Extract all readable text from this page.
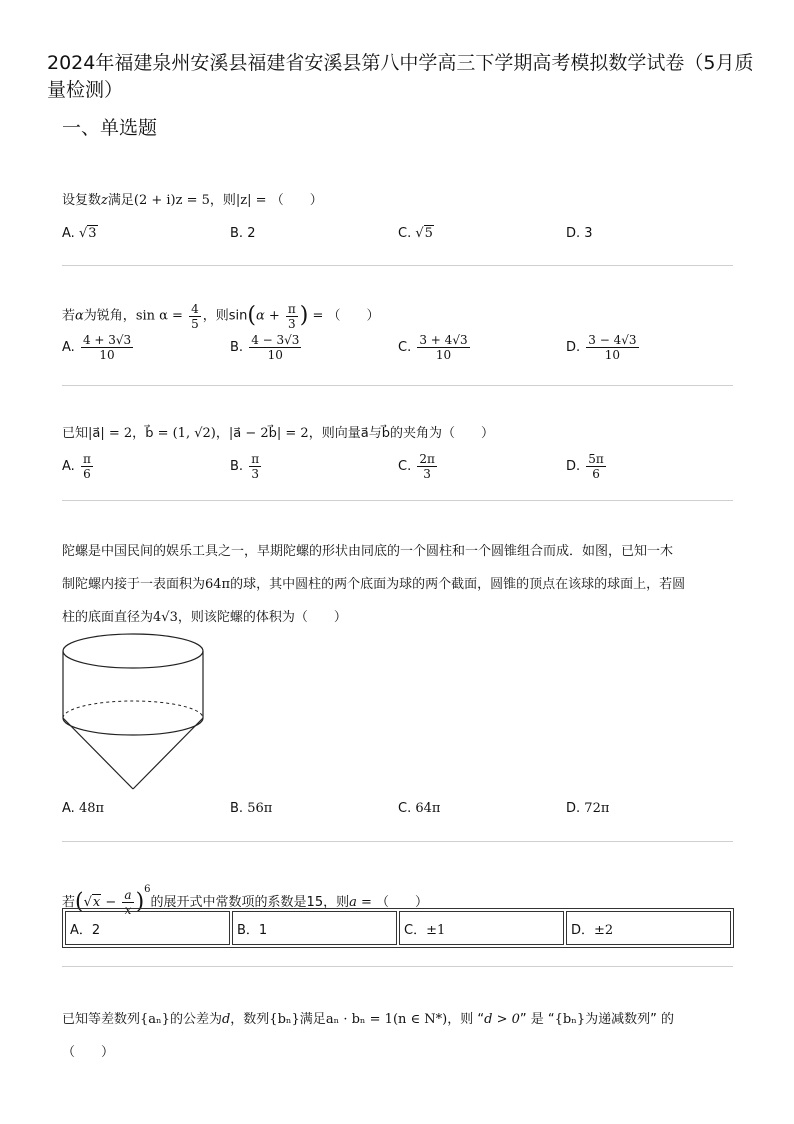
2024年福建泉州安溪县福建省安溪县第八中学高三下学期高考模拟数学试卷（5月质量检测）
一、单选题
设复数z满足(2 + i)z = 5，则|z| = （　　）
A. √3	B. 2	C. √5	D. 3
若α为锐角，$\sin \alpha = \frac{4}{5}$ ，则$\sin(\alpha + \frac{\pi}{3}$ ) = （　　）
A. $\frac{4 + 3√3}{10}$	B. $\frac{4 - 3√3}{10}$	C. $\frac{3 + 4√3}{10}$	D. $\frac{3 - 4√3}{10}$
已知|a⃗| = 2，b⃗ = (1, √2)，|a⃗ − 2b⃗| = 2，则向量a⃗与b⃗的夹角为（　　）
A. $\frac{\pi}{6}$	B. $\frac{\pi}{3}$	C. $\frac{2\pi}{3}$	D. $\frac{5\pi}{6}$
陀螺是中国民间的娱乐工具之一，早期陀螺的形状由同底的一个圆柱和一个圆锥组合而成．如图，已知一木
制陀螺内接于一表面积为64π的球，其中圆柱的两个底面为球的两个截面，圆锥的顶点在该球的球面上，若圆
柱的底面直径为4√3，则该陀螺的体积为（　　）
A. 48π	B. 56π	C. 64π	D. 72π
若$(√x - \frac{a}{x} )^6$的展开式中常数项的系数是15，则a = （　　）
A．2	B．1	C．±1	D．±2
已知等差数列{aₙ}的公差为d，数列{bₙ}满足aₙ · bₙ = 1(n ∈ N*)，则 “d > 0” 是 “{bₙ}为递减数列” 的
（　　）
